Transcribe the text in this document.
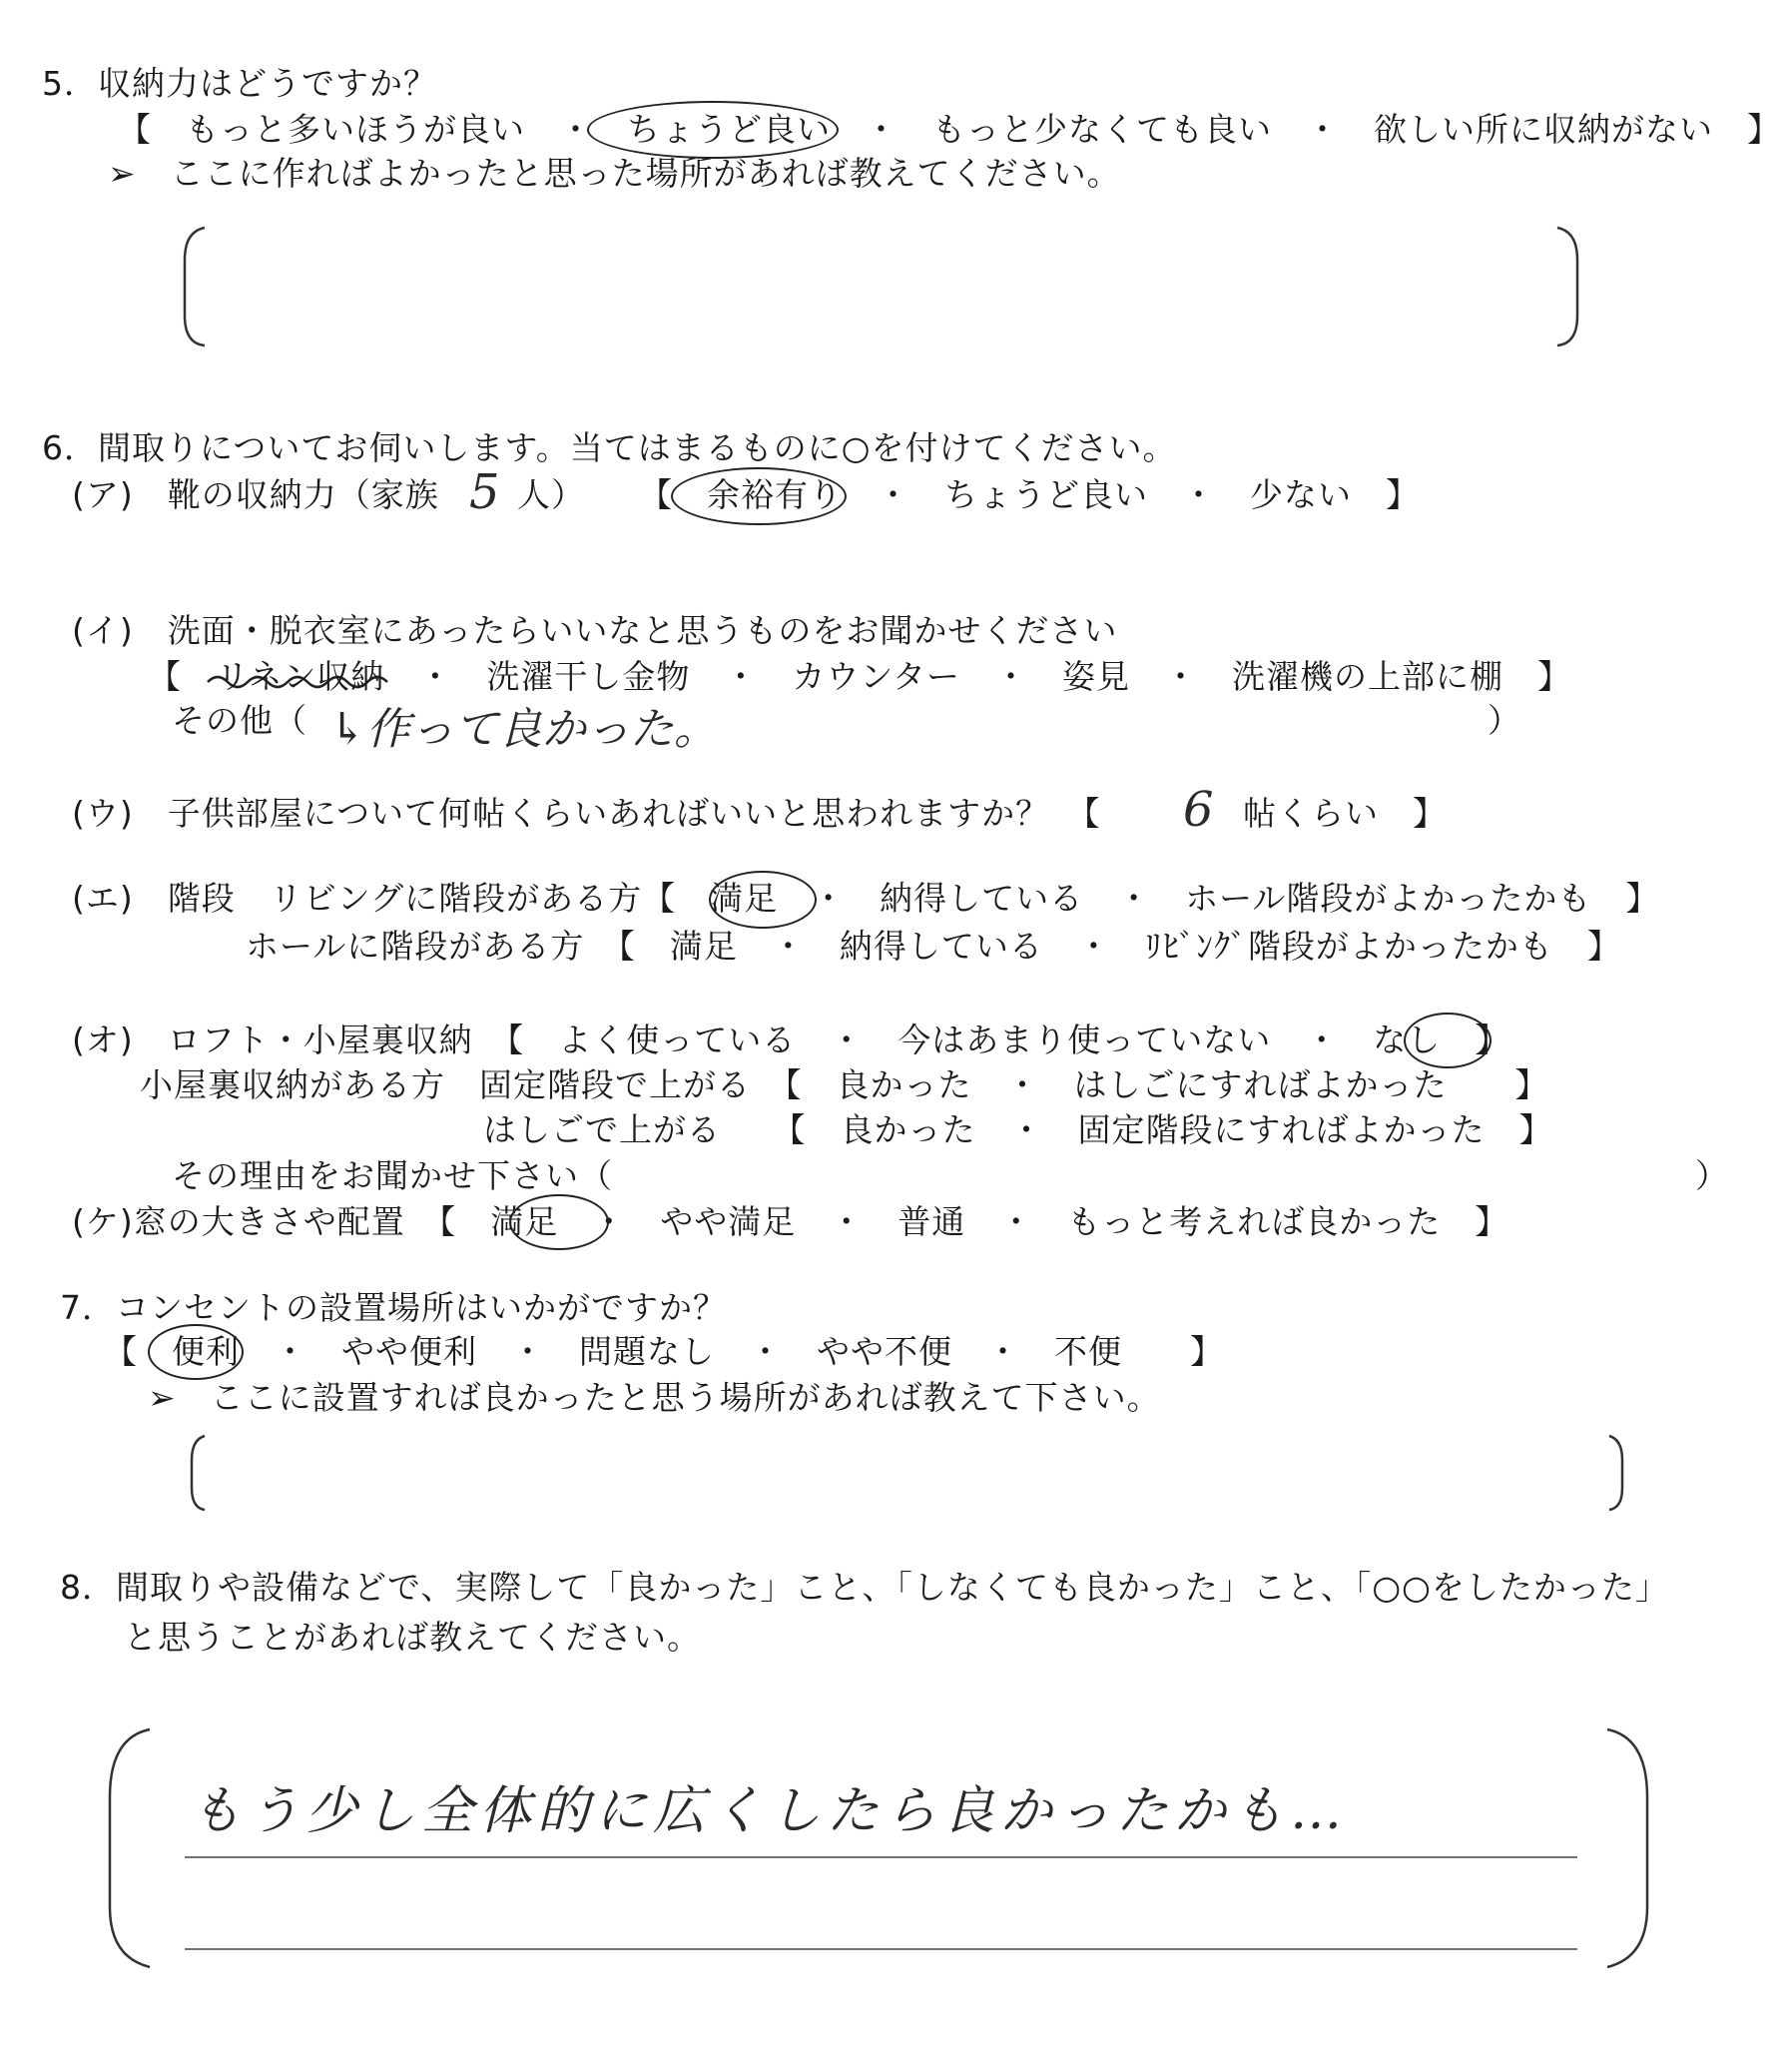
5．収納力はどうですか？
【　もっと多いほうが良い　・　ちょうど良い　・　もっと少なくても良い　・　欲しい所に収納がない　】
➢　ここに作ればよかったと思った場所があれば教えてください。
6．間取りについてお伺いします。当てはまるものに○を付けてください。
(ア)　靴の収納力（家族 5 人） 【　余裕有り　・　ちょうど良い　・　少ない　】
(イ)　洗面・脱衣室にあったらいいなと思うものをお聞かせください
【　リネン収納　・　洗濯干し金物　・　カウンター　・　姿見　・　洗濯機の上部に棚　】
その他（ ↳作って良かった。	）
(ウ)　子供部屋について何帖くらいあればいいと思われますか？　【 6 帖くらい　】
(エ)　階段　リビングに階段がある方【　満足　・　納得している　・　ホール階段がよかったかも　】
ホールに階段がある方　【　満足　・　納得している　・　ﾘﾋﾞﾝｸﾞ階段がよかったかも　】
(オ)　ロフト・小屋裏収納　【　よく使っている　・　今はあまり使っていない　・　なし　】
小屋裏収納がある方　固定階段で上がる　【　良かった　・　はしごにすればよかった　　】
はしごで上がる　　【　良かった　・　固定階段にすればよかった　】
その理由をお聞かせ下さい（	）
(ケ)窓の大きさや配置　【　満足　・　やや満足　・　普通　・　もっと考えれば良かった　】
7．コンセントの設置場所はいかがですか？
【　便利　・　やや便利　・　問題なし　・　やや不便　・　不便　　】
➢　ここに設置すれば良かったと思う場所があれば教えて下さい。
8．間取りや設備などで、実際して「良かった」こと、「しなくても良かった」こと、「○○をしたかった」
と思うことがあれば教えてください。
もう少し全体的に広くしたら良かったかも…
